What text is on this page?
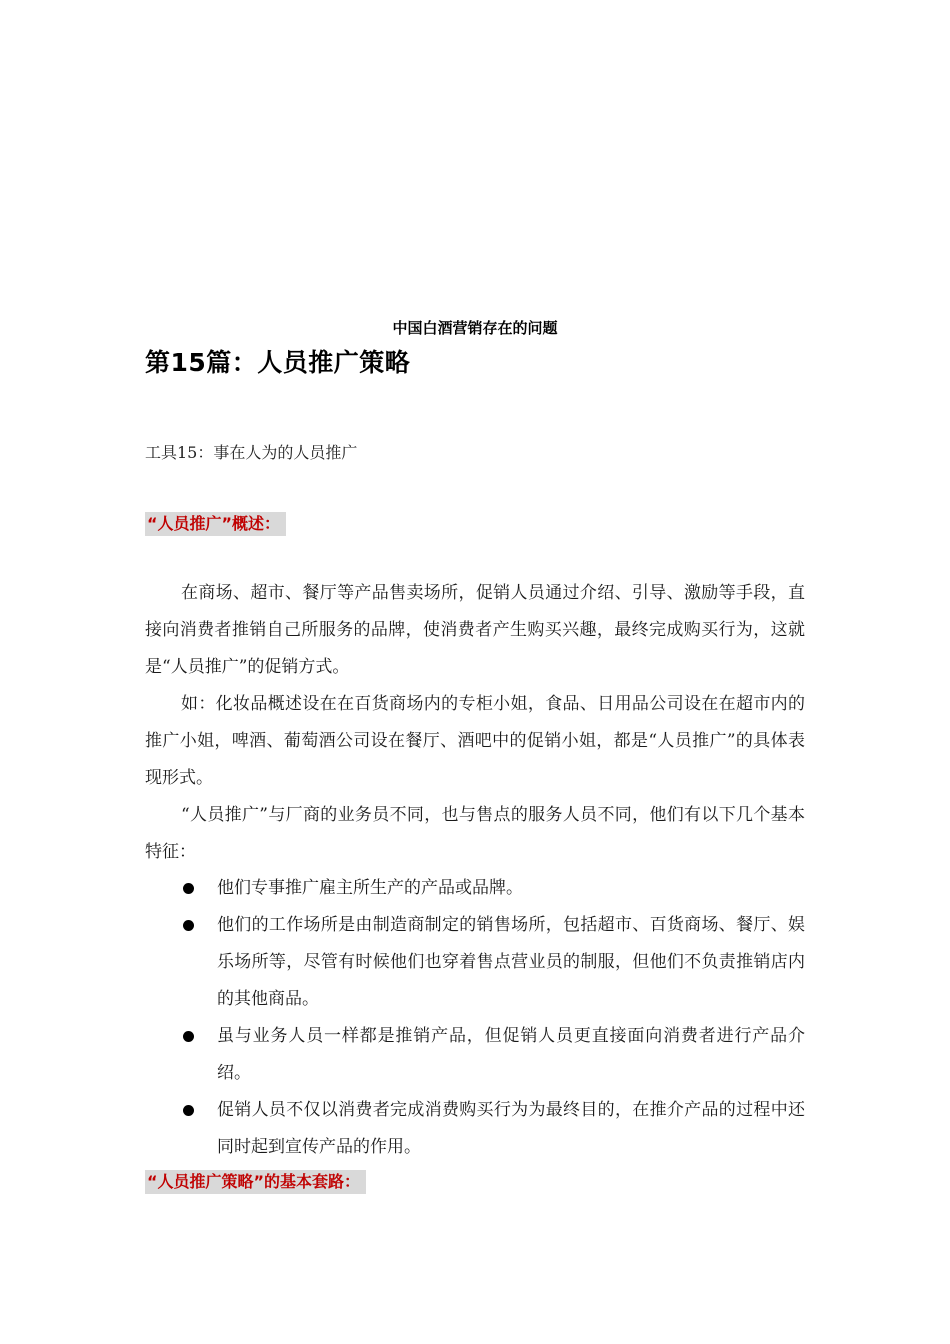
中国白酒营销存在的问题
第15篇：人员推广策略
工具15：事在人为的人员推广
“人员推广”概述：

在商场、超市、餐厅等产品售卖场所，促销人员通过介绍、引导、激励等手段，直接向消费者推销自己所服务的品牌，使消费者产生购买兴趣，最终完成购买行为，这就是“人员推广”的促销方式。

如：化妆品概述设在在百货商场内的专柜小姐，食品、日用品公司设在在超市内的推广小姐，啤酒、葡萄酒公司设在餐厅、酒吧中的促销小姐，都是“人员推广”的具体表现形式。

“人员推广”与厂商的业务员不同，也与售点的服务人员不同，他们有以下几个基本特征：

他们专事推广雇主所生产的产品或品牌。
他们的工作场所是由制造商制定的销售场所，包括超市、百货商场、餐厅、娱乐场所等，尽管有时候他们也穿着售点营业员的制服，但他们不负责推销店内的其他商品。
虽与业务人员一样都是推销产品，但促销人员更直接面向消费者进行产品介绍。
促销人员不仅以消费者完成消费购买行为为最终目的，在推介产品的过程中还同时起到宣传产品的作用。
“人员推广策略”的基本套路：
